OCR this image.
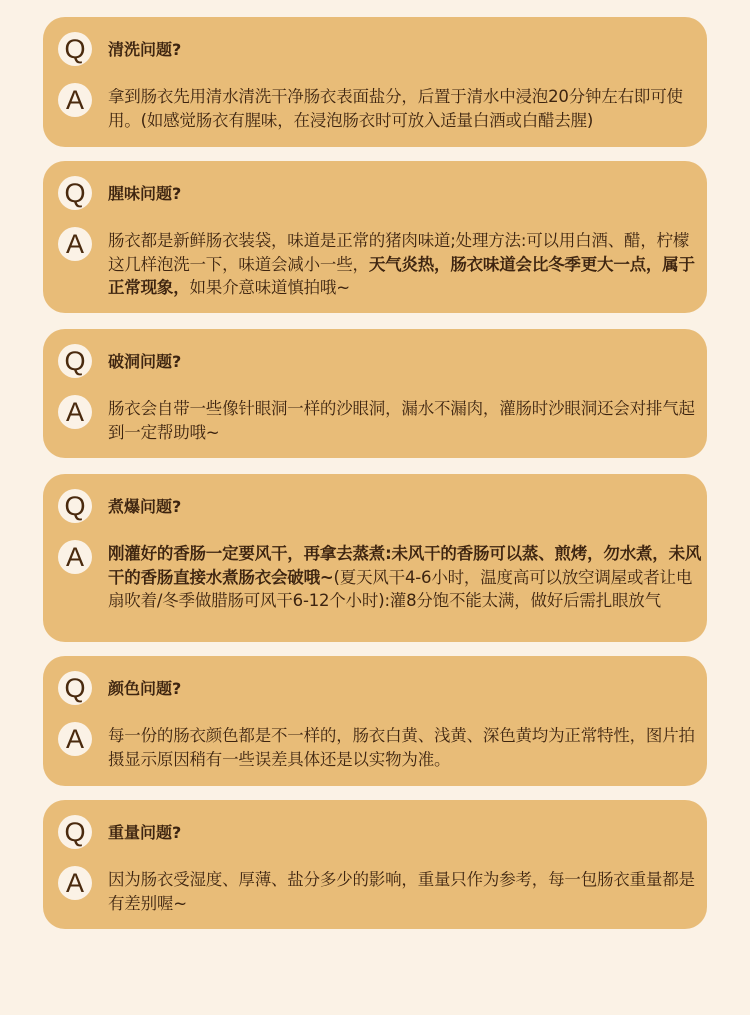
Q	清洗问题?
A	拿到肠衣先用清水清洗干净肠衣表面盐分，后置于清水中浸泡20分钟左右即可使用。(如感觉肠衣有腥味，在浸泡肠衣时可放入适量白酒或白醋去腥)
Q	腥味问题?
A	肠衣都是新鲜肠衣装袋，味道是正常的猪肉味道;处理方法:可以用白酒、醋，柠檬这几样泡洗一下，味道会减小一些，天气炎热，肠衣味道会比冬季更大一点，属于正常现象，如果介意味道慎拍哦~
Q	破洞问题?
A	肠衣会自带一些像针眼洞一样的沙眼洞，漏水不漏肉，灌肠时沙眼洞还会对排气起到一定帮助哦~
Q	煮爆问题?
A	刚灌好的香肠一定要风干，再拿去蒸煮:未风干的香肠可以蒸、煎烤，勿水煮，未风干的香肠直接水煮肠衣会破哦~(夏天风干4-6小时，温度高可以放空调屋或者让电扇吹着/冬季做腊肠可风干6-12个小时):灌8分饱不能太满，做好后需扎眼放气
Q	颜色问题?
A	每一份的肠衣颜色都是不一样的，肠衣白黄、浅黄、深色黄均为正常特性，图片拍摄显示原因稍有一些误差具体还是以实物为准。
Q	重量问题?
A	因为肠衣受湿度、厚薄、盐分多少的影响，重量只作为参考，每一包肠衣重量都是有差别喔~
